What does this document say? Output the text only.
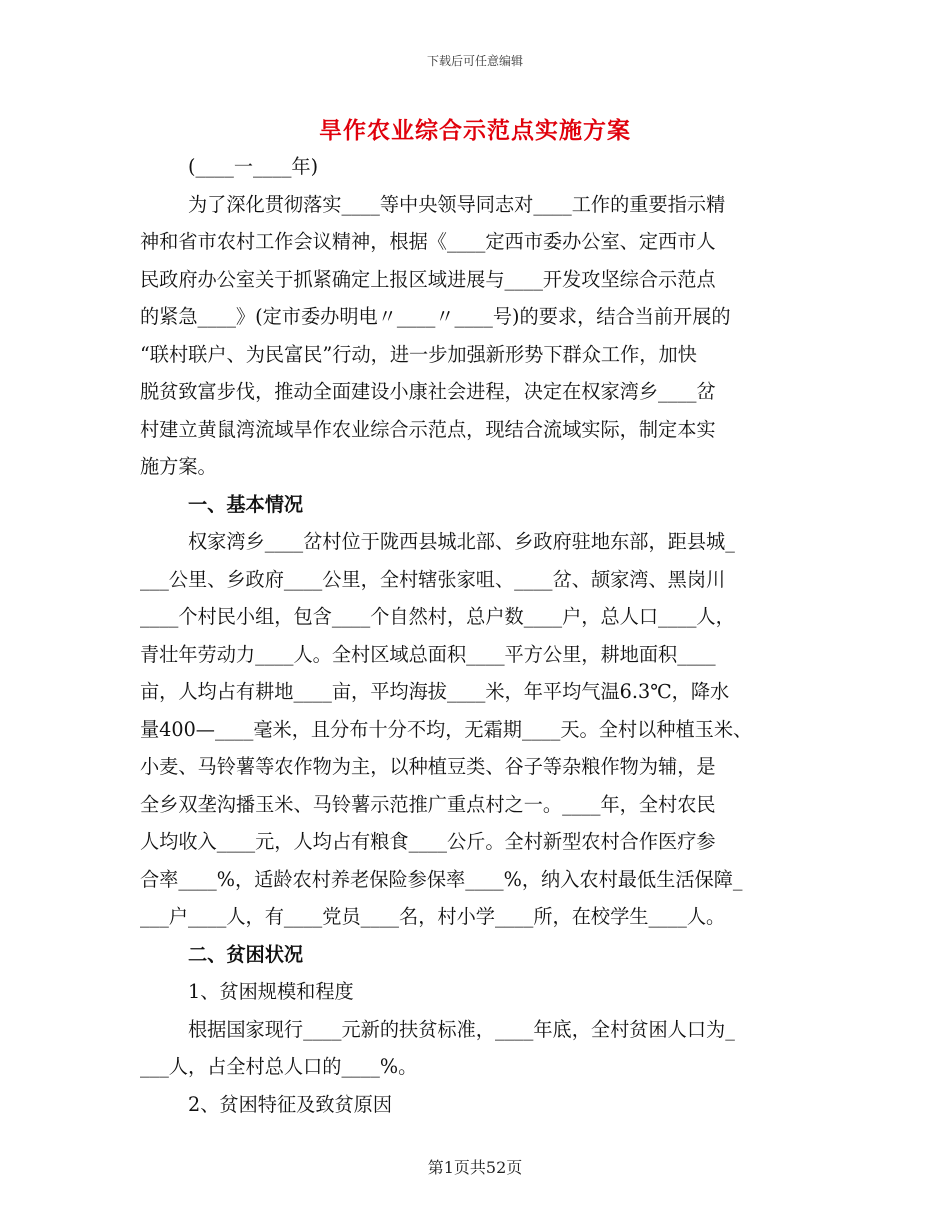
下载后可任意编辑
旱作农业综合示范点实施方案
(____一____年)
为了深化贯彻落实____等中央领导同志对____工作的重要指示精
神和省市农村工作会议精神，根据《____定西市委办公室、定西市人
民政府办公室关于抓紧确定上报区域进展与____开发攻坚综合示范点
的紧急____》(定市委办明电〃____〃____号)的要求，结合当前开展的
“联村联户、为民富民”行动，进一步加强新形势下群众工作，加快
脱贫致富步伐，推动全面建设小康社会进程，决定在权家湾乡____岔
村建立黄鼠湾流域旱作农业综合示范点，现结合流域实际，制定本实
施方案。
一、基本情况
权家湾乡____岔村位于陇西县城北部、乡政府驻地东部，距县城_
___公里、乡政府____公里，全村辖张家咀、____岔、颉家湾、黑岗川
____个村民小组，包含____个自然村，总户数____户，总人口____人，
青壮年劳动力____人。全村区域总面积____平方公里，耕地面积____
亩，人均占有耕地____亩，平均海拔____米，年平均气温6.3℃，降水
量400—____毫米，且分布十分不均，无霜期____天。全村以种植玉米、
小麦、马铃薯等农作物为主，以种植豆类、谷子等杂粮作物为辅，是
全乡双垄沟播玉米、马铃薯示范推广重点村之一。____年，全村农民
人均收入____元，人均占有粮食____公斤。全村新型农村合作医疗参
合率____%，适龄农村养老保险参保率____%，纳入农村最低生活保障_
___户____人，有____党员____名，村小学____所，在校学生____人。
二、贫困状况
1、贫困规模和程度
根据国家现行____元新的扶贫标准，____年底，全村贫困人口为_
___人，占全村总人口的____%。
2、贫困特征及致贫原因
第1页共52页
